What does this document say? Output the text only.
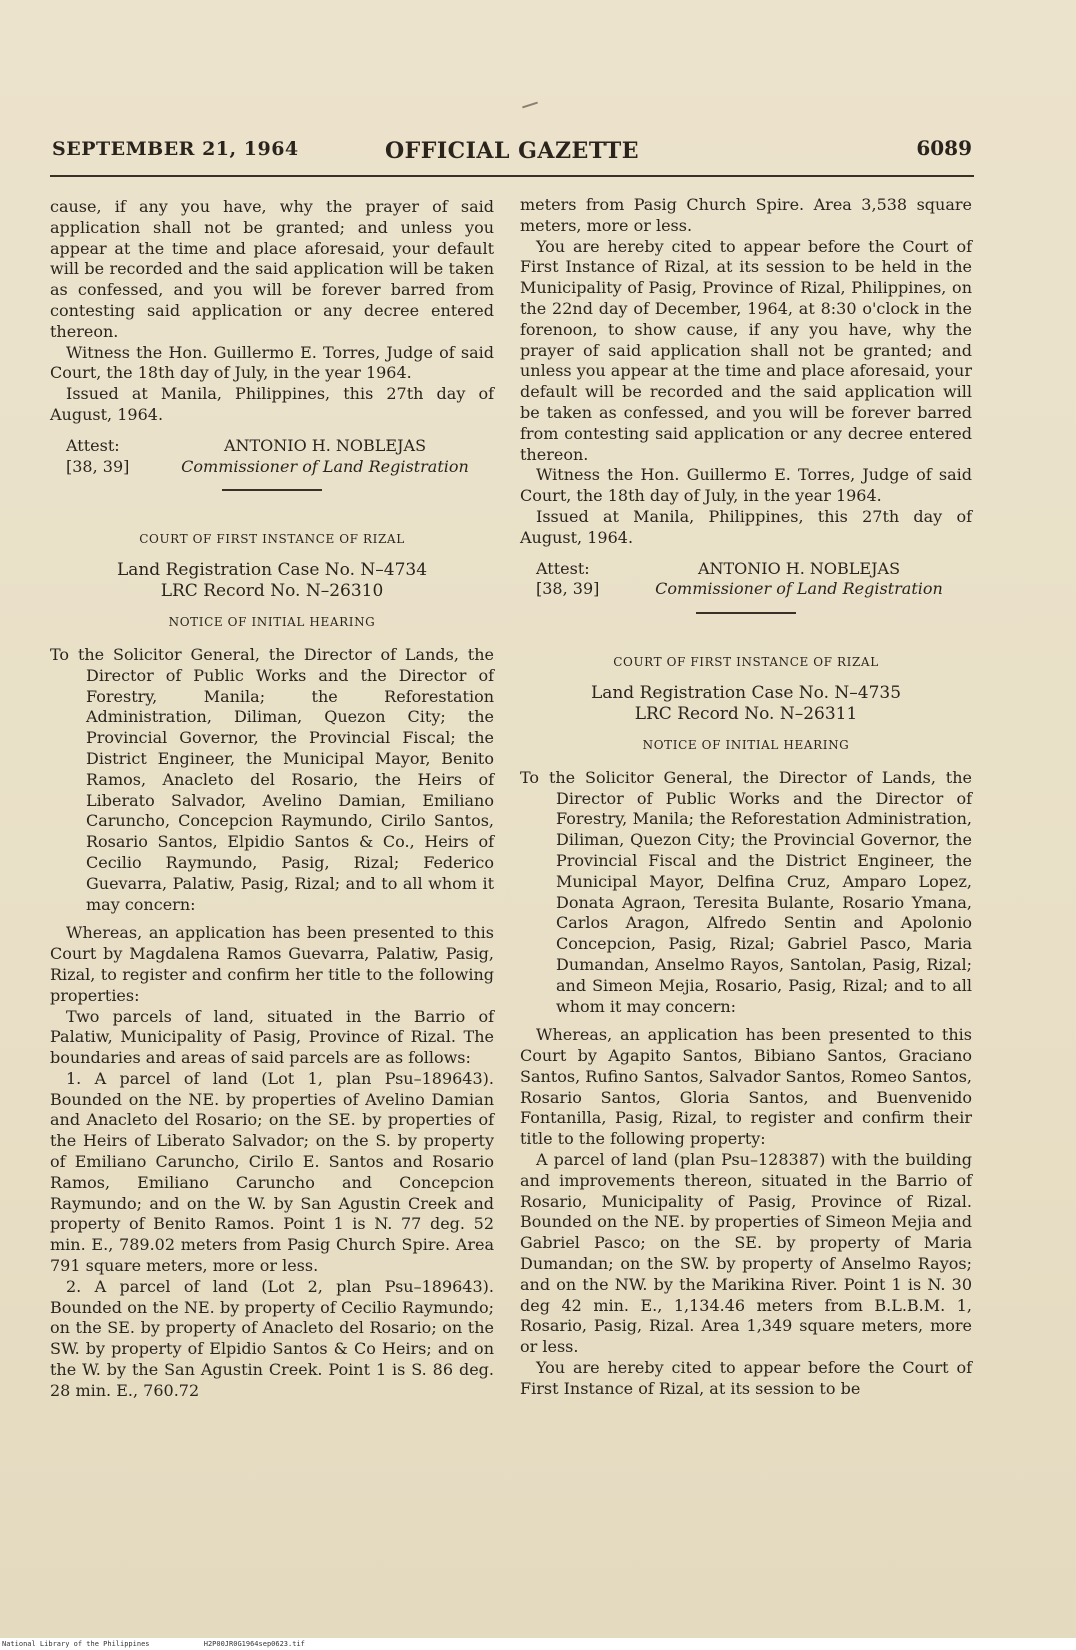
OFFICIAL GAZETTE
SEPTEMBER 21, 1964	6089

cause, if any you have, why the prayer of said application shall not be granted; and unless you appear at the time and place aforesaid, your default will be recorded and the said application will be taken as confessed, and you will be forever barred from contesting said application or any decree entered thereon.

Witness the Hon. Guillermo E. Torres, Judge of said Court, the 18th day of July, in the year 1964.

Issued at Manila, Philippines, this 27th day of August, 1964.

Attest:	ANTONIO H. NOBLEJAS
[38, 39]	Commissioner of Land Registration
COURT OF FIRST INSTANCE OF RIZAL
Land Registration Case No. N–4734
LRC Record No. N–26310
NOTICE OF INITIAL HEARING

To the Solicitor General, the Director of Lands, the Director of Public Works and the Director of Forestry, Manila; the Reforestation Administration, Diliman, Quezon City; the Provincial Governor, the Provincial Fiscal; the District Engineer, the Municipal Mayor, Benito Ramos, Anacleto del Rosario, the Heirs of Liberato Salvador, Avelino Damian, Emiliano Caruncho, Concepcion Raymundo, Cirilo Santos, Rosario Santos, Elpidio Santos & Co., Heirs of Cecilio Raymundo, Pasig, Rizal; Federico Guevarra, Palatiw, Pasig, Rizal; and to all whom it may concern:

Whereas, an application has been presented to this Court by Magdalena Ramos Guevarra, Palatiw, Pasig, Rizal, to register and confirm her title to the following properties:

Two parcels of land, situated in the Barrio of Palatiw, Municipality of Pasig, Province of Rizal. The boundaries and areas of said parcels are as follows:

1. A parcel of land (Lot 1, plan Psu–189643). Bounded on the NE. by properties of Avelino Damian and Anacleto del Rosario; on the SE. by properties of the Heirs of Liberato Salvador; on the S. by property of Emiliano Caruncho, Cirilo E. Santos and Rosario Ramos, Emiliano Caruncho and Concepcion Raymundo; and on the W. by San Agustin Creek and property of Benito Ramos. Point 1 is N. 77 deg. 52 min. E., 789.02 meters from Pasig Church Spire. Area 791 square meters, more or less.

2. A parcel of land (Lot 2, plan Psu–189643). Bounded on the NE. by property of Cecilio Raymundo; on the SE. by property of Anacleto del Rosario; on the SW. by property of Elpidio Santos & Co Heirs; and on the W. by the San Agustin Creek. Point 1 is S. 86 deg. 28 min. E., 760.72

meters from Pasig Church Spire. Area 3,538 square meters, more or less.

You are hereby cited to appear before the Court of First Instance of Rizal, at its session to be held in the Municipality of Pasig, Province of Rizal, Philippines, on the 22nd day of December, 1964, at 8:30 o'clock in the forenoon, to show cause, if any you have, why the prayer of said application shall not be granted; and unless you appear at the time and place aforesaid, your default will be recorded and the said application will be taken as confessed, and you will be forever barred from contesting said application or any decree entered thereon.

Witness the Hon. Guillermo E. Torres, Judge of said Court, the 18th day of July, in the year 1964.

Issued at Manila, Philippines, this 27th day of August, 1964.

Attest:	ANTONIO H. NOBLEJAS
[38, 39]	Commissioner of Land Registration
COURT OF FIRST INSTANCE OF RIZAL
Land Registration Case No. N–4735
LRC Record No. N–26311
NOTICE OF INITIAL HEARING

To the Solicitor General, the Director of Lands, the Director of Public Works and the Director of Forestry, Manila; the Reforestation Administration, Diliman, Quezon City; the Provincial Governor, the Provincial Fiscal and the District Engineer, the Municipal Mayor, Delfina Cruz, Amparo Lopez, Donata Agraon, Teresita Bulante, Rosario Ymana, Carlos Aragon, Alfredo Sentin and Apolonio Concepcion, Pasig, Rizal; Gabriel Pasco, Maria Dumandan, Anselmo Rayos, Santolan, Pasig, Rizal; and Simeon Mejia, Rosario, Pasig, Rizal; and to all whom it may concern:

Whereas, an application has been presented to this Court by Agapito Santos, Bibiano Santos, Graciano Santos, Rufino Santos, Salvador Santos, Romeo Santos, Rosario Santos, Gloria Santos, and Buenvenido Fontanilla, Pasig, Rizal, to register and confirm their title to the following property:

A parcel of land (plan Psu–128387) with the building and improvements thereon, situated in the Barrio of Rosario, Municipality of Pasig, Province of Rizal. Bounded on the NE. by properties of Simeon Mejia and Gabriel Pasco; on the SE. by property of Maria Dumandan; on the SW. by property of Anselmo Rayos; and on the NW. by the Marikina River. Point 1 is N. 30 deg 42 min. E., 1,134.46 meters from B.L.B.M. 1, Rosario, Pasig, Rizal. Area 1,349 square meters, more or less.

You are hereby cited to appear before the Court of First Instance of Rizal, at its session to be

National Library of the Philippines	H2P00JR0G1964sep0623.tif
